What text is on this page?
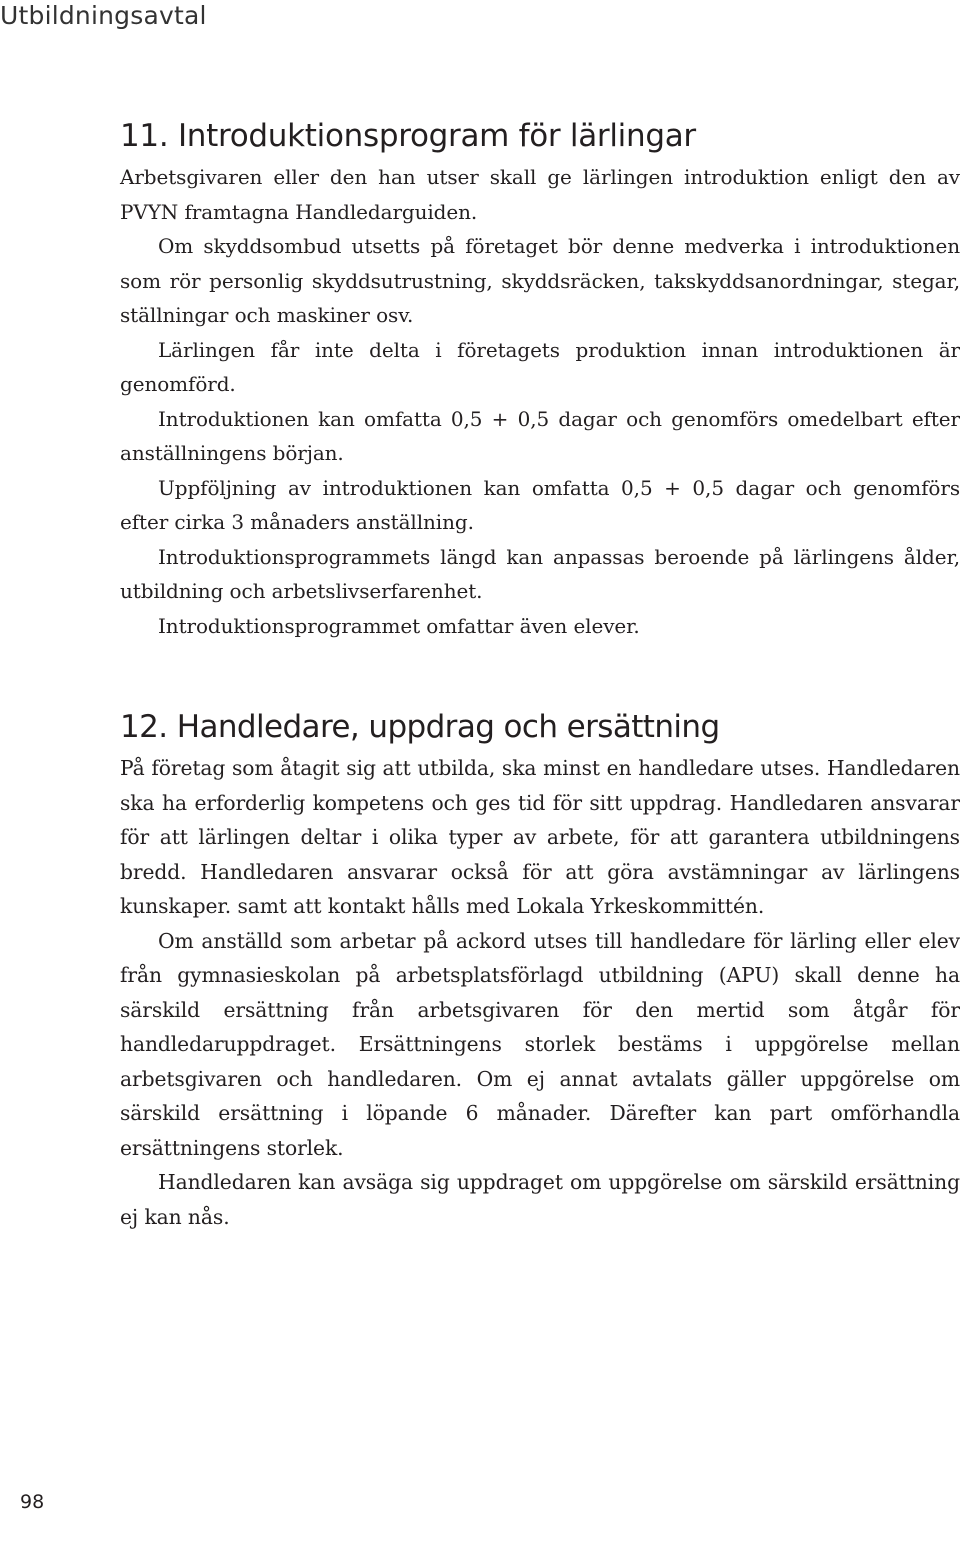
Utbildningsavtal
11. Introduktionsprogram för lärlingar

Arbetsgivaren eller den han utser skall ge lärlingen introduktion enligt den av PVYN framtagna Handledarguiden.

Om skyddsombud utsetts på företaget bör denne medverka i introduktionen som rör personlig skyddsutrustning, skyddsräcken, takskyddsanordningar, stegar, ställningar och maskiner osv.

Lärlingen får inte delta i företagets produktion innan introduktionen är genomförd.

Introduktionen kan omfatta 0,5 + 0,5 dagar och genomförs omedelbart efter anställningens början.

Uppföljning av introduktionen kan omfatta 0,5 + 0,5 dagar och genomförs efter cirka 3 månaders anställning.

Introduktionsprogrammets längd kan anpassas beroende på lärlingens ålder, utbildning och arbetslivserfarenhet.

Introduktionsprogrammet omfattar även elever.

12. Handledare, uppdrag och ersättning

På företag som åtagit sig att utbilda, ska minst en handledare utses. Handledaren ska ha erforderlig kompetens och ges tid för sitt uppdrag. Handledaren ansvarar för att lärlingen deltar i olika typer av arbete, för att garantera utbildningens bredd. Handledaren ansvarar också för att göra avstämningar av lärlingens kunskaper. samt att kontakt hålls med Lokala Yrkeskommittén.

Om anställd som arbetar på ackord utses till handledare för lärling eller elev från gymnasieskolan på arbetsplatsförlagd utbildning (APU) skall denne ha särskild ersättning från arbetsgivaren för den mertid som åtgår för handledaruppdraget. Ersättningens storlek bestäms i uppgörelse mellan arbetsgivaren och handledaren. Om ej annat avtalats gäller uppgörelse om särskild ersättning i löpande 6 månader. Därefter kan part omförhandla ersättningens storlek.

Handledaren kan avsäga sig uppdraget om uppgörelse om särskild ersättning ej kan nås.

98
